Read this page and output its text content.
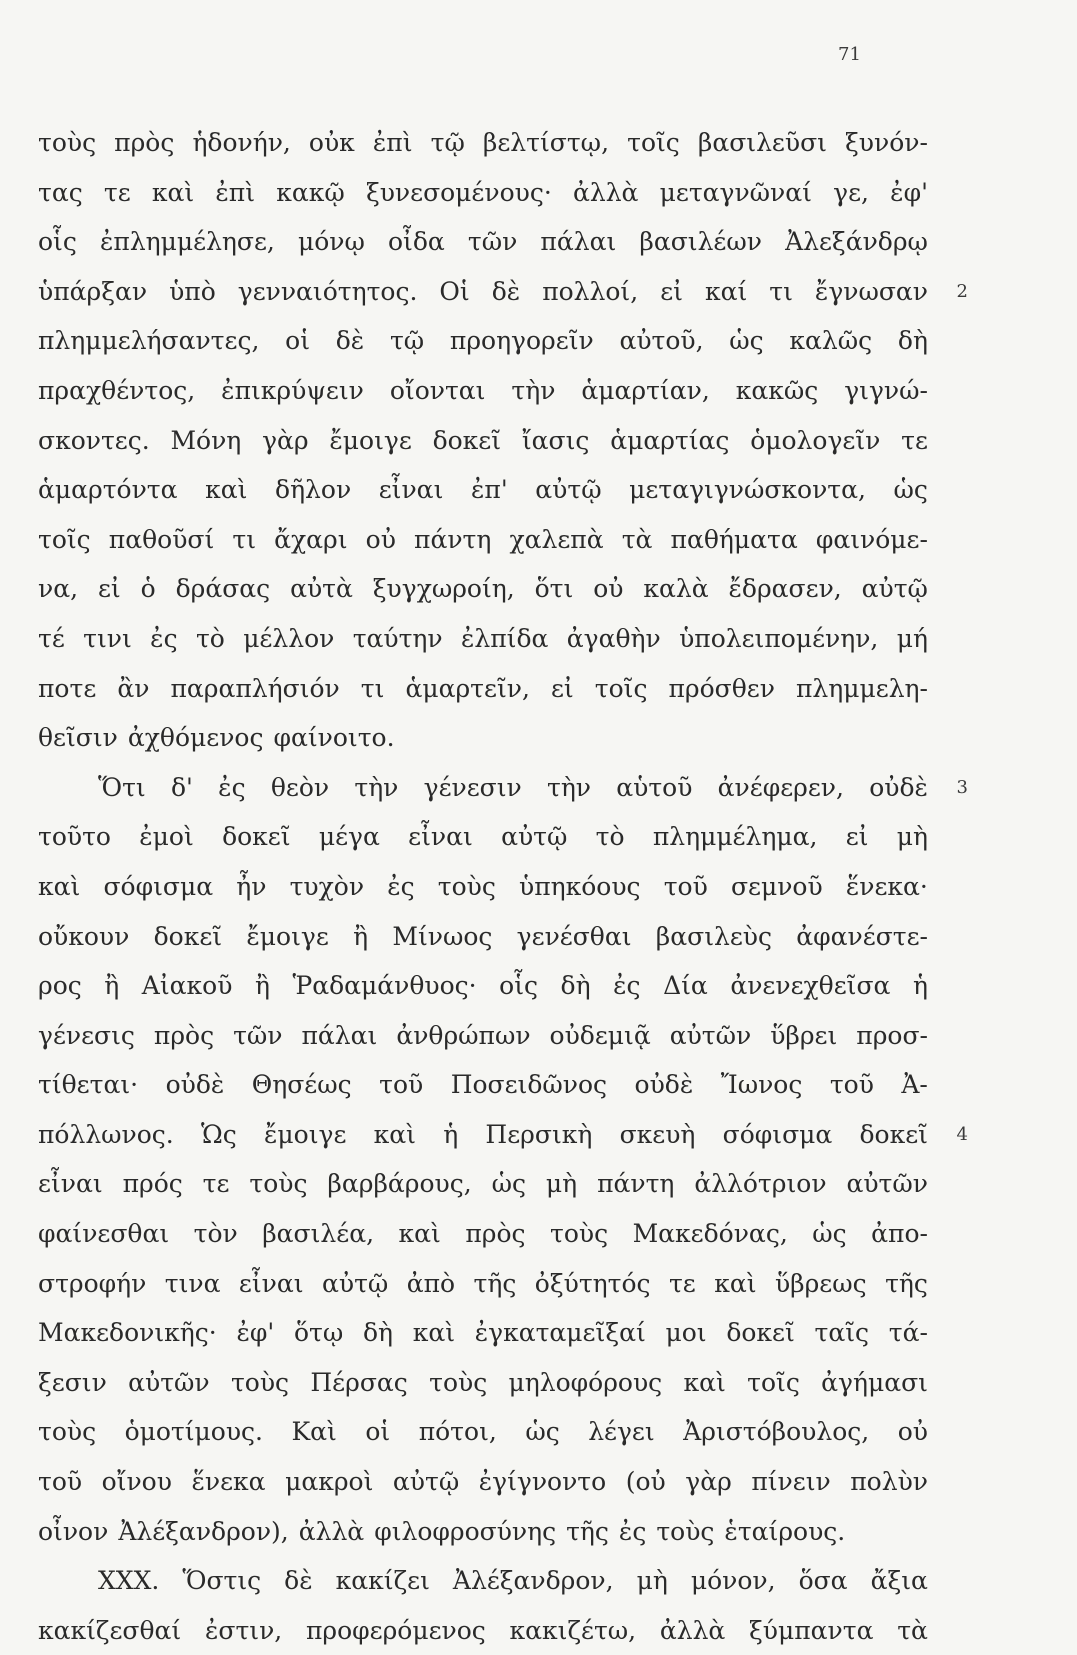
71
τοὺς πρὸς ἡδονήν, οὐκ ἐπὶ τῷ βελτίστῳ, τοῖς βασιλεῦσι ξυνόν-
τας τε καὶ ἐπὶ κακῷ ξυνεσομένους· ἀλλὰ μεταγνῶναί γε, ἐφ'
οἷς ἐπλημμέλησε, μόνῳ οἶδα τῶν πάλαι βασιλέων Ἀλεξάνδρῳ
ὑπάρξαν ὑπὸ γενναιότητος. Οἱ δὲ πολλοί, εἰ καί τι ἔγνωσαν 2
πλημμελήσαντες, οἱ δὲ τῷ προηγορεῖν αὐτοῦ, ὡς καλῶς δὴ
πραχθέντος, ἐπικρύψειν οἴονται τὴν ἁμαρτίαν, κακῶς γιγνώ-
σκοντες. Μόνη γὰρ ἔμοιγε δοκεῖ ἴασις ἁμαρτίας ὁμολογεῖν τε
ἁμαρτόντα καὶ δῆλον εἶναι ἐπ' αὐτῷ μεταγιγνώσκοντα, ὡς
τοῖς παθοῦσί τι ἄχαρι οὐ πάντη χαλεπὰ τὰ παθήματα φαινόμε-
να, εἰ ὁ δράσας αὐτὰ ξυγχωροίη, ὅτι οὐ καλὰ ἔδρασεν, αὐτῷ
τέ τινι ἐς τὸ μέλλον ταύτην ἐλπίδα ἀγαθὴν ὑπολειπομένην, μή
ποτε ἂν παραπλήσιόν τι ἁμαρτεῖν, εἰ τοῖς πρόσθεν πλημμελη-
θεῖσιν ἀχθόμενος φαίνοιτο.
Ὅτι δ' ἐς θεὸν τὴν γένεσιν τὴν αὑτοῦ ἀνέφερεν, οὐδὲ 3
τοῦτο ἐμοὶ δοκεῖ μέγα εἶναι αὐτῷ τὸ πλημμέλημα, εἰ μὴ
καὶ σόφισμα ἦν τυχὸν ἐς τοὺς ὑπηκόους τοῦ σεμνοῦ ἕνεκα·
οὔκουν δοκεῖ ἔμοιγε ἢ Μίνωος γενέσθαι βασιλεὺς ἀφανέστε-
ρος ἢ Αἰακοῦ ἢ Ῥαδαμάνθυος· οἷς δὴ ἐς Δία ἀνενεχθεῖσα ἡ
γένεσις πρὸς τῶν πάλαι ἀνθρώπων οὐδεμιᾷ αὐτῶν ὕβρει προσ-
τίθεται· οὐδὲ Θησέως τοῦ Ποσειδῶνος οὐδὲ Ἴωνος τοῦ Ἀ-
πόλλωνος. Ὡς ἔμοιγε καὶ ἡ Περσικὴ σκευὴ σόφισμα δοκεῖ 4
εἶναι πρός τε τοὺς βαρβάρους, ὡς μὴ πάντη ἀλλότριον αὐτῶν
φαίνεσθαι τὸν βασιλέα, καὶ πρὸς τοὺς Μακεδόνας, ὡς ἀπο-
στροφήν τινα εἶναι αὐτῷ ἀπὸ τῆς ὀξύτητός τε καὶ ὕβρεως τῆς
Μακεδονικῆς· ἐφ' ὅτῳ δὴ καὶ ἐγκαταμεῖξαί μοι δοκεῖ ταῖς τά-
ξεσιν αὐτῶν τοὺς Πέρσας τοὺς μηλοφόρους καὶ τοῖς ἀγήμασι
τοὺς ὁμοτίμους. Καὶ οἱ πότοι, ὡς λέγει Ἀριστόβουλος, οὐ
τοῦ οἴνου ἕνεκα μακροὶ αὐτῷ ἐγίγνοντο (οὐ γὰρ πίνειν πολὺν
οἶνον Ἀλέξανδρον), ἀλλὰ φιλοφροσύνης τῆς ἐς τοὺς ἑταίρους.
XXX. Ὅστις δὲ κακίζει Ἀλέξανδρον, μὴ μόνον, ὅσα ἄξια
κακίζεσθαί ἐστιν, προφερόμενος κακιζέτω, ἀλλὰ ξύμπαντα τὰ
